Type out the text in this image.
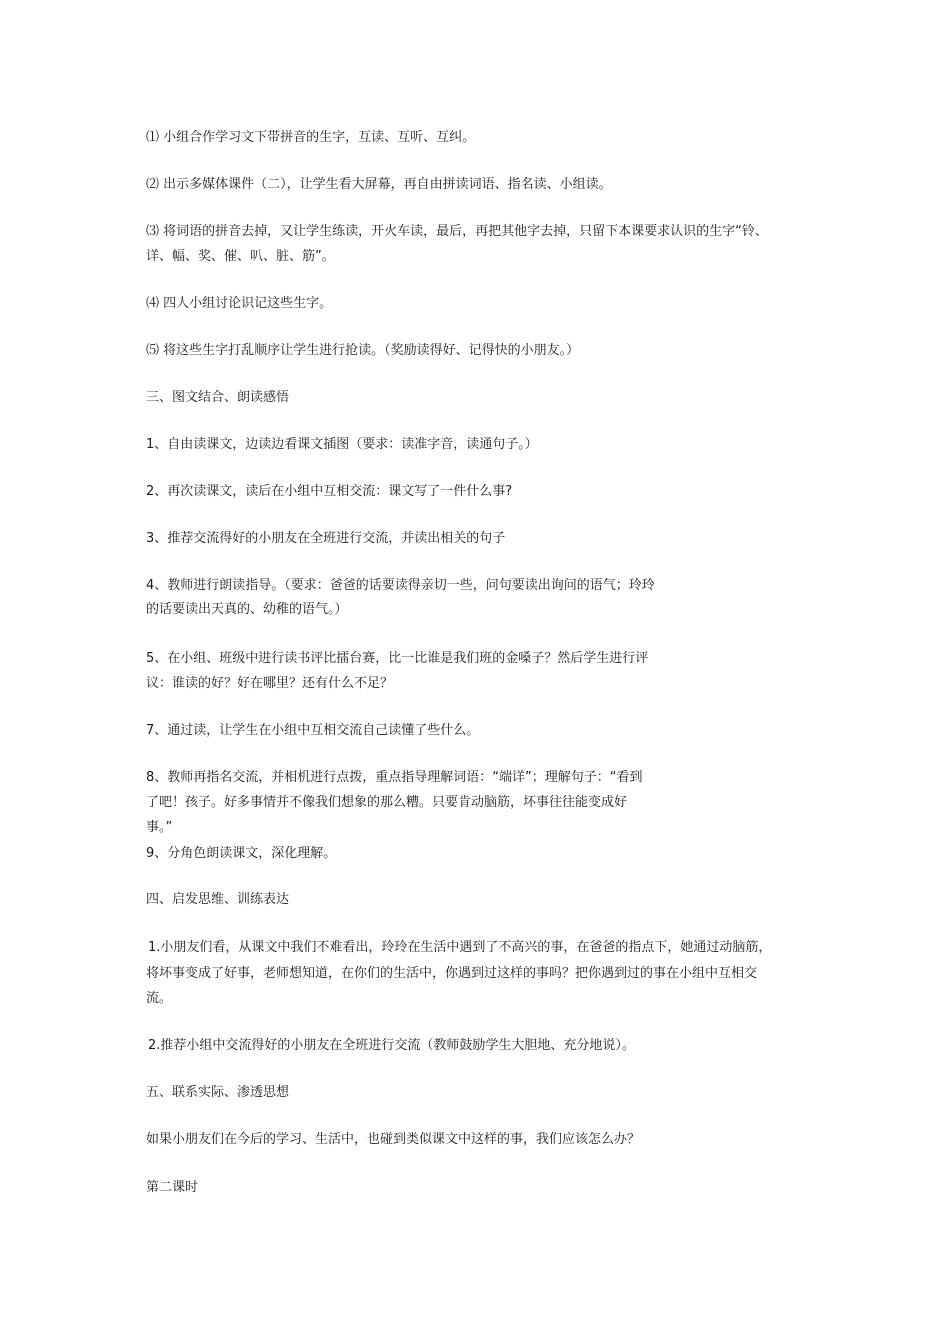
⑴ 小组合作学习文下带拼音的生字，互读、互听、互纠。
⑵ 出示多媒体课件（二），让学生看大屏幕，再自由拼读词语、指名读、小组读。
⑶ 将词语的拼音去掉，又让学生练读，开火车读，最后，再把其他字去掉，只留下本课要求认识的生字“铃、
详、幅、奖、催、叭、脏、筋”。
⑷ 四人小组讨论识记这些生字。
⑸ 将这些生字打乱顺序让学生进行抢读。（奖励读得好、记得快的小朋友。）
三、图文结合、朗读感悟
1、自由读课文，边读边看课文插图（要求：读准字音，读通句子。）
2、再次读课文，读后在小组中互相交流：课文写了一件什么事?
3、推荐交流得好的小朋友在全班进行交流，并读出相关的句子
4、教师进行朗读指导。（要求：爸爸的话要读得亲切一些，问句要读出询问的语气；玲玲
的话要读出天真的、幼稚的语气。）
5、在小组、班级中进行读书评比擂台赛，比一比谁是我们班的金嗓子？然后学生进行评
议：谁读的好？好在哪里？还有什么不足？
7、通过读，让学生在小组中互相交流自己读懂了些什么。
8、教师再指名交流，并相机进行点拨，重点指导理解词语：“端详”；理解句子：“看到
了吧！孩子。好多事情并不像我们想象的那么糟。只要肯动脑筋，坏事往往能变成好
事。”
9、分角色朗读课文，深化理解。
四、启发思维、训练表达
1.小朋友们看，从课文中我们不难看出，玲玲在生活中遇到了不高兴的事，在爸爸的指点下，她通过动脑筋，
将坏事变成了好事，老师想知道，在你们的生活中，你遇到过这样的事吗？把你遇到过的事在小组中互相交
流。
2.推荐小组中交流得好的小朋友在全班进行交流（教师鼓励学生大胆地、充分地说）。
五、联系实际、渗透思想
如果小朋友们在今后的学习、生活中，也碰到类似课文中这样的事，我们应该怎么办？
第二课时
